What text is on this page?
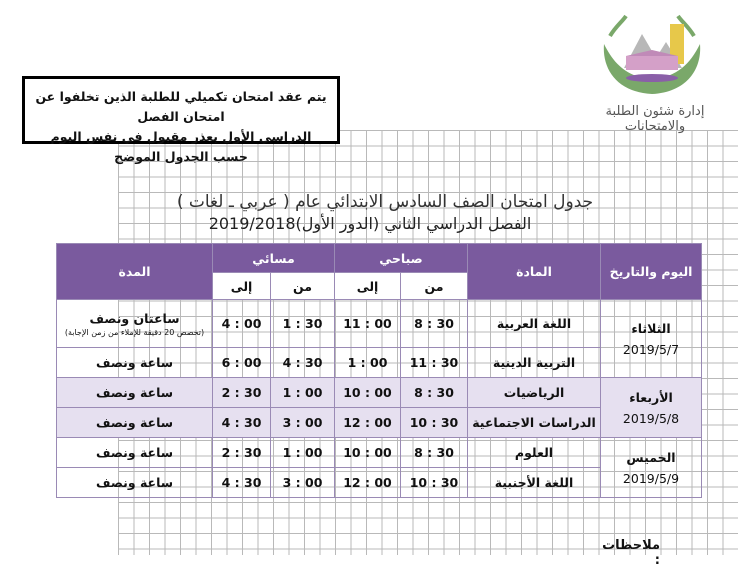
يتم عقد امتحان تكميلي للطلبة الذين تخلفوا عن امتحان الفصل
الدراسي الأول بعذر مقبول في نفس اليوم حسب الجدول الموضح
إدارة شئون الطلبة والامتحانات
جدول امتحان الصف السادس الابتدائي عام ( عربي ـ لغات )
الفصل الدراسي الثاني (الدور الأول)2019/2018
اليوم والتاريخ	المادة	صباحي		مسائي		المدة
		من	إلى	من	إلى	
الثلاثاء
2019/5/7	اللغة العربية	30 : 8	00 : 11	30 : 1	00 : 4	ساعتان ونصف
(تخصص 20 دقيقة للإملاء من زمن الإجابة)

	التربية الدينية	30 : 11	00 : 1	30 : 4	00 : 6	ساعة ونصف
الأربعاء
2019/5/8	الرياضيات	30 : 8	00 : 10	00 : 1	30 : 2	ساعة ونصف
	الدراسات الاجتماعية	30 : 10	00 : 12	00 : 3	30 : 4	ساعة ونصف
الخميس
2019/5/9	العلوم	30 : 8	00 : 10	00 : 1	30 : 2	ساعة ونصف
	اللغة الأجنبية	30 : 10	00 : 12	00 : 3	30 : 4	ساعة ونصف
ملاحظات :
